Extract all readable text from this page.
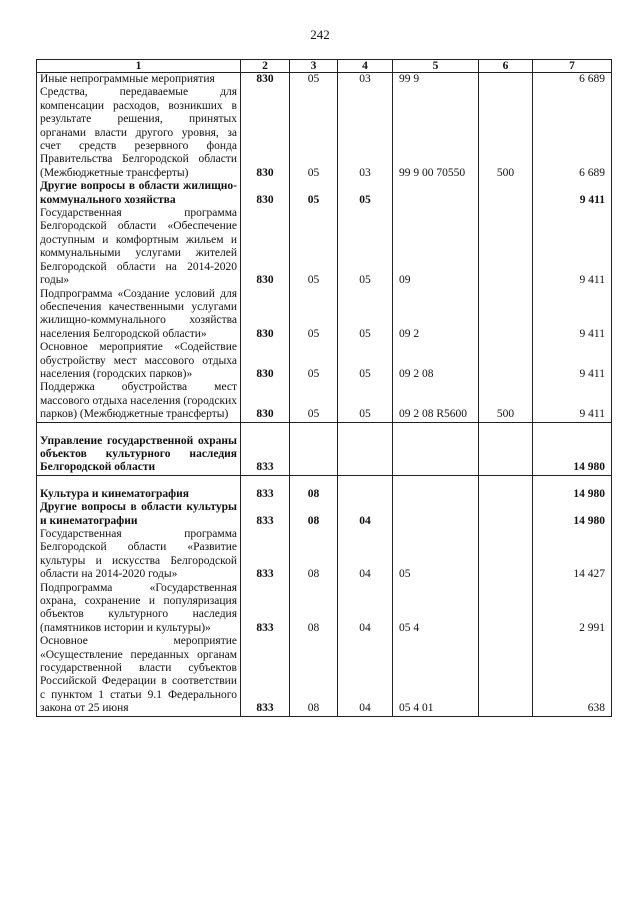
242
1	2	3	4	5	6	7
Иные непрограммные мероприятия	830	05	03	99 9		6 689
Средства, передаваемые для компенсации расходов, возникших в результате решения, принятых органами власти другого уровня, за счет средств резервного фонда Правительства Белгородской области (Межбюджетные трансферты)	830	05	03	99 9 00 70550	500	6 689
Другие вопросы в области жилищно-коммунального хозяйства	830	05	05			9 411
Государственная программа Белгородской области «Обеспечение доступным и комфортным жильем и коммунальными услугами жителей Белгородской области на 2014-2020 годы»	830	05	05	09		9 411
Подпрограмма «Создание условий для обеспечения качественными услугами жилищно-коммунального хозяйства населения Белгородской области»	830	05	05	09 2		9 411
Основное мероприятие «Содействие обустройству мест массового отдыха населения (городских парков)»	830	05	05	09 2 08		9 411
Поддержка обустройства мест массового отдыха населения (городских парков) (Межбюджетные трансферты)	830	05	05	09 2 08 R5600	500	9 411

Управление государственной охраны объектов культурного наследия Белгородской области	833					14 980

Культура и кинематография	833	08				14 980
Другие вопросы в области культуры и кинематографии	833	08	04			14 980
Государственная программа Белгородской области «Развитие культуры и искусства Белгородской области на 2014-2020 годы»	833	08	04	05		14 427
Подпрограмма «Государственная охрана, сохранение и популяризация объектов культурного наследия (памятников истории и культуры)»	833	08	04	05 4		2 991
Основное мероприятие «Осуществление переданных органам государственной власти субъектов Российской Федерации в соответствии с пунктом 1 статьи 9.1 Федерального закона от 25 июня	833	08	04	05 4 01		638
